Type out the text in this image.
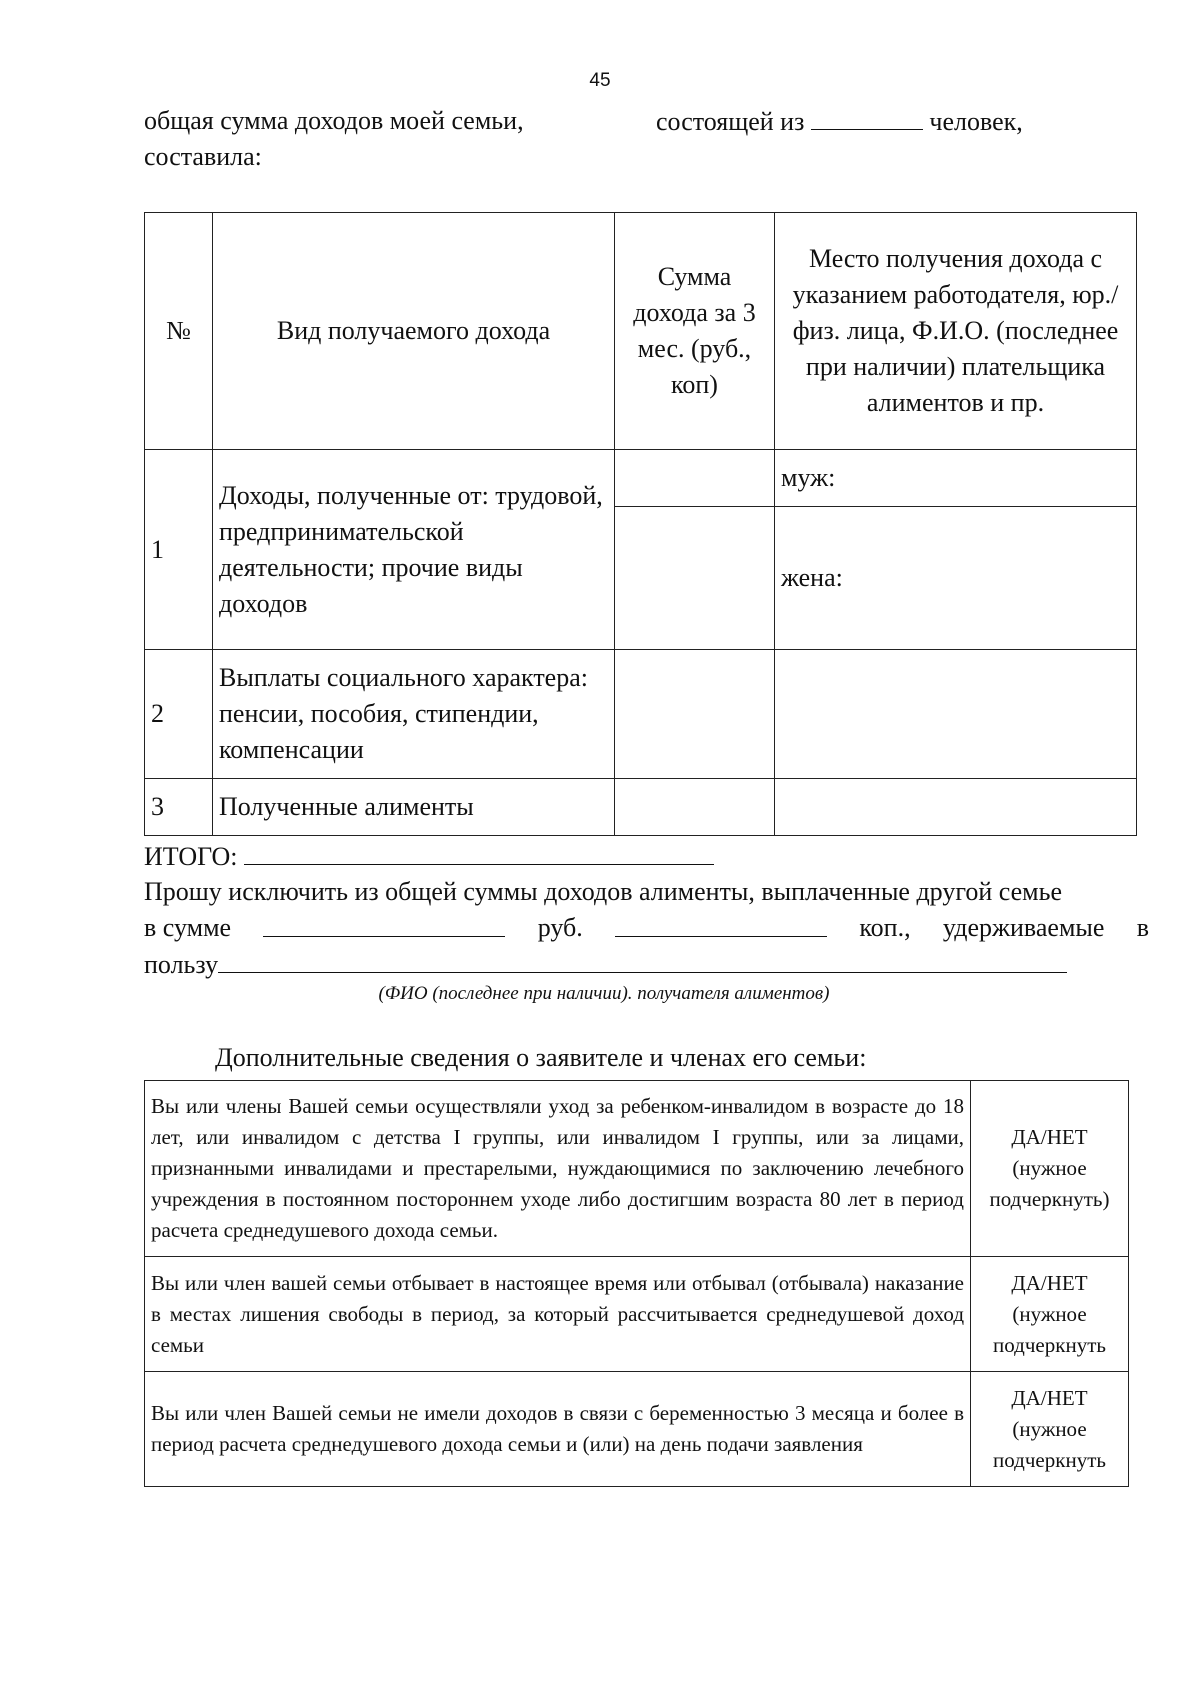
45
общая сумма доходов моей семьи,	состоящей из	человек,
составила:
№	Вид получаемого дохода	Сумма дохода за 3 мес. (руб., коп)	Место получения дохода с указанием работодателя, юр./физ. лица, Ф.И.О. (последнее при наличии) плательщика алиментов и пр.
1	Доходы, полученные от: трудовой, предпринимательской деятельности; прочие виды доходов		муж:
			жена:
2	Выплаты социального характера: пенсии, пособия, стипендии, компенсации		
3	Полученные алименты		
ИТОГО:
Прошу исключить из общей суммы доходов алименты, выплаченные другой семье
в сумме	руб.	коп., удерживаемые в
пользу
(ФИО (последнее при наличии). получателя алиментов)
Дополнительные сведения о заявителе и членах его семьи:
Вы или члены Вашей семьи осуществляли уход за ребенком-инвалидом в возрасте до 18 лет, или инвалидом с детства I группы, или инвалидом I группы, или за лицами, признанными инвалидами и престарелыми, нуждающимися по заключению лечебного учреждения в постоянном постороннем уходе либо достигшим возраста 80 лет в период расчета среднедушевого дохода семьи.	ДА/НЕТ
(нужное подчеркнуть)

Вы или член вашей семьи отбывает в настоящее время или отбывал (отбывала) наказание в местах лишения свободы в период, за который рассчитывается среднедушевой доход семьи	ДА/НЕТ
(нужное подчеркнуть

Вы или член Вашей семьи не имели доходов в связи с беременностью 3 месяца и более в период расчета среднедушевого дохода семьи и (или) на день подачи заявления	ДА/НЕТ
(нужное подчеркнуть
